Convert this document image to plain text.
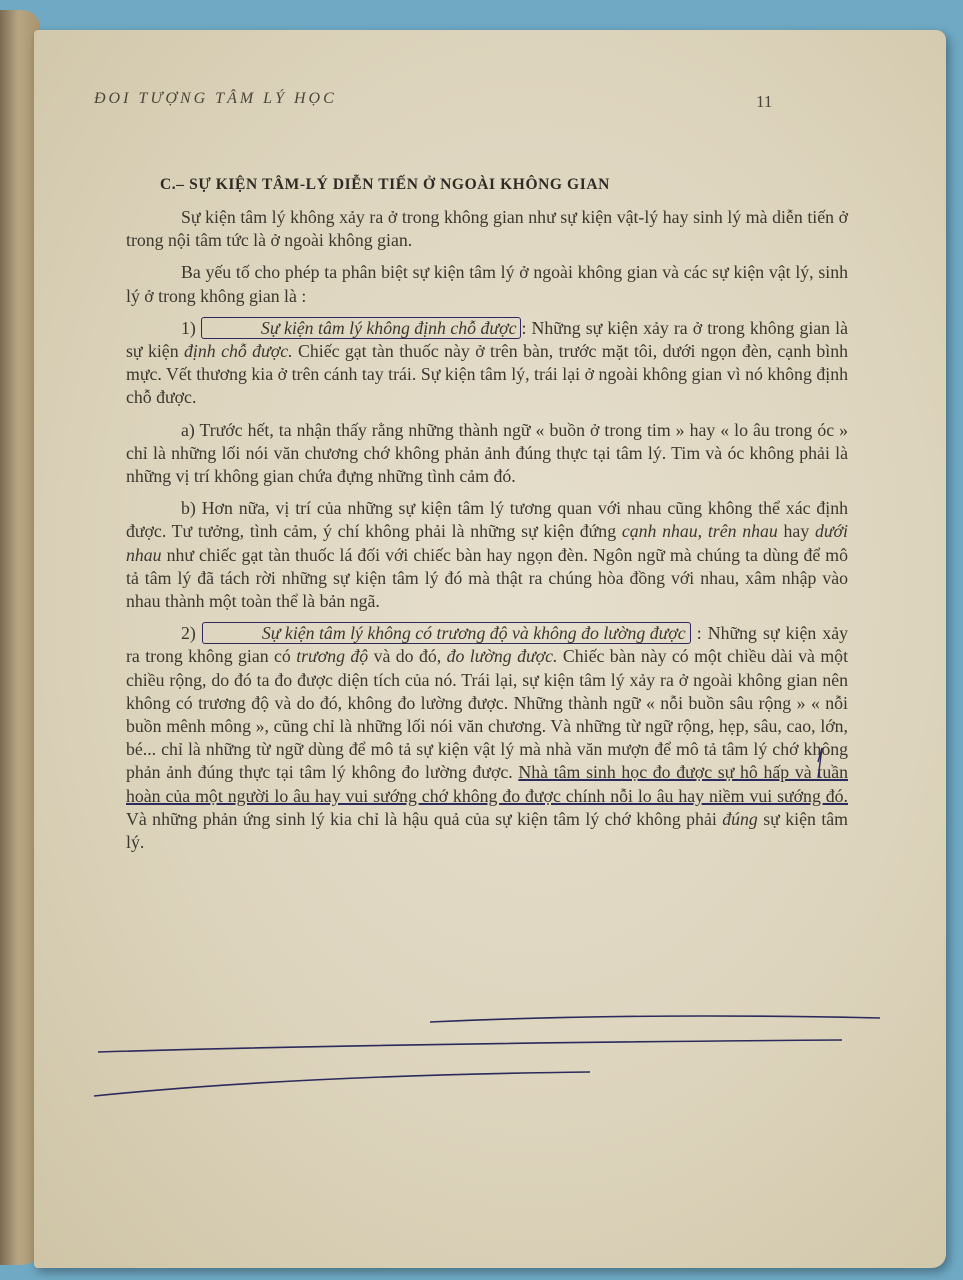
ĐOI TƯỢNG TÂM LÝ HỌC	11
C.– SỰ KIỆN TÂM-LÝ DIỄN TIẾN Ở NGOÀI KHÔNG GIAN

Sự kiện tâm lý không xảy ra ở trong không gian như sự kiện vật-lý hay sinh lý mà diễn tiến ở trong nội tâm tức là ở ngoài không gian.

Ba yếu tố cho phép ta phân biệt sự kiện tâm lý ở ngoài không gian và các sự kiện vật lý, sinh lý ở trong không gian là :

1)	Sự kiện tâm lý không định chỗ được : Những sự kiện xảy ra ở trong không gian là sự kiện định chỗ được. Chiếc gạt tàn thuốc này ở trên bàn, trước mặt tôi, dưới ngọn đèn, cạnh bình mực. Vết thương kia ở trên cánh tay trái. Sự kiện tâm lý, trái lại ở ngoài không gian vì nó không định chỗ được.

a) Trước hết, ta nhận thấy rằng những thành ngữ « buồn ở trong tim » hay « lo âu trong óc » chỉ là những lối nói văn chương chớ không phản ảnh đúng thực tại tâm lý. Tim và óc không phải là những vị trí không gian chứa đựng những tình cảm đó.

b) Hơn nữa, vị trí của những sự kiện tâm lý tương quan với nhau cũng không thể xác định được. Tư tưởng, tình cảm, ý chí không phải là những sự kiện đứng cạnh nhau, trên nhau hay dưới nhau như chiếc gạt tàn thuốc lá đối với chiếc bàn hay ngọn đèn. Ngôn ngữ mà chúng ta dùng để mô tả tâm lý đã tách rời những sự kiện tâm lý đó mà thật ra chúng hòa đồng với nhau, xâm nhập vào nhau thành một toàn thể là bản ngã.

2)	Sự kiện tâm lý không có trương độ và không đo lường được : Những sự kiện xảy ra trong không gian có trương độ và do đó, đo lường được. Chiếc bàn này có một chiều dài và một chiều rộng, do đó ta đo được diện tích của nó. Trái lại, sự kiện tâm lý xảy ra ở ngoài không gian nên không có trương độ và do đó, không đo lường được. Những thành ngữ « nỗi buồn sâu rộng » « nỗi buồn mênh mông », cũng chỉ là những lối nói văn chương. Và những từ ngữ rộng, hẹp, sâu, cao, lớn, bé... chỉ là những từ ngữ dùng để mô tả sự kiện vật lý mà nhà văn mượn để mô tả tâm lý chớ không phản ảnh đúng thực tại tâm lý không đo lường được. Nhà tâm sinh học đo được sự hô hấp và tuần hoàn của một người lo âu hay vui sướng chớ không đo được chính nỗi lo âu hay niềm vui sướng đó. Và những phản ứng sinh lý kia chỉ là hậu quả của sự kiện tâm lý chớ không phải đúng sự kiện tâm lý.
